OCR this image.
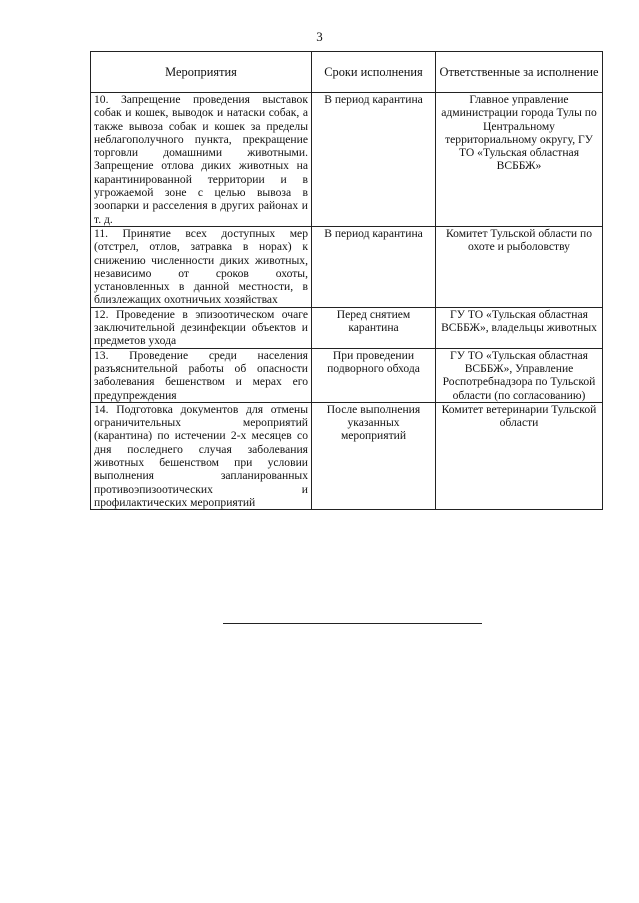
3
Мероприятия	Сроки исполнения	Ответственные за исполнение
10. Запрещение проведения выставок собак и кошек, выводок и натаски собак, а также вывоза собак и кошек за пределы неблагополучного пункта, прекращение торговли домашними животными. Запрещение отлова диких животных на карантинированной территории и в угрожаемой зоне с целью вывоза в зоопарки и расселения в других районах и т. д.	В период карантина	Главное управление администрации города Тулы по Центральному территориальному округу, ГУ ТО «Тульская областная ВСББЖ»
11. Принятие всех доступных мер (отстрел, отлов, затравка в норах) к снижению численности диких животных, независимо от сроков охоты, установленных в данной местности, в близлежащих охотничьих хозяйствах	В период карантина	Комитет Тульской области по охоте и рыболовству
12. Проведение в эпизоотическом очаге заключительной дезинфекции объектов и предметов ухода	Перед снятием карантина	ГУ ТО «Тульская областная ВСББЖ», владельцы животных
13. Проведение среди населения разъяснительной работы об опасности заболевания бешенством и мерах его предупреждения	При проведении подворного обхода	ГУ ТО «Тульская областная ВСББЖ», Управление Роспотребнадзора по Тульской области (по согласованию)
14. Подготовка документов для отмены ограничительных мероприятий (карантина) по истечении 2-х месяцев со дня последнего случая заболевания животных бешенством при условии выполнения запланированных противоэпизоотических и профилактических мероприятий	После выполнения указанных мероприятий	Комитет ветеринарии Тульской области
